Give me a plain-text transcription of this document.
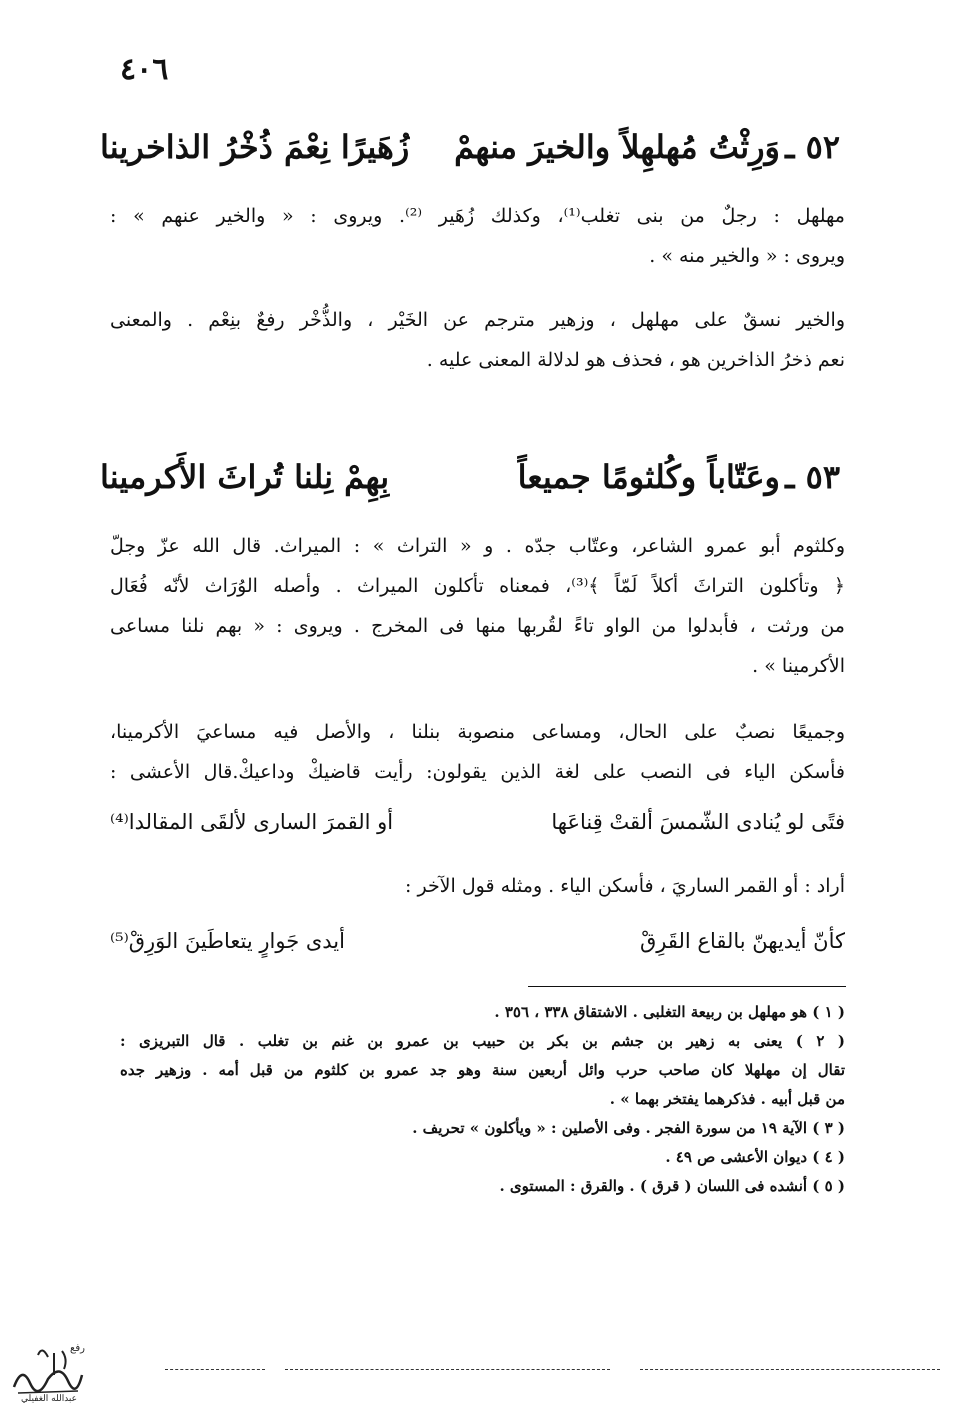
٤٠٦
٥٢ ـ
وَرِثْتُ مُهلهِلاً والخيرَ منهمْ
زُهَيرًا نِعْمَ ذُخْرُ الذاخرينا
مهلهل : رجلٌ من بنى تغلب⁽¹⁾، وكذلك زُهَير ⁽²⁾. ويروى : « والخير عنهم » :
ويروى : « والخير منه » .
والخير نسقٌ على مهلهل ، وزهير مترجم عن الخَيْر ، والذُّخْر رفعٌ بنِعْم . والمعنى
نعم ذخرُ الذاخرين هو ، فحذف هو لدلالة المعنى عليه .
٥٣ ـ
وعَتّاباً وكُلثومًا جميعاً
بِهِمْ نِلنا تُراثَ الأَكرمينا
وكلثوم أبو عمرو الشاعر، وعتّاب جدّه . و « التراث » : الميراث. قال الله عزّ وجلّ
﴿ وتأكلون التراثَ أكلاً لَمّاً ﴾⁽³⁾، فمعناه تأكلون الميراث . وأصله الوُرَاث لأنّه فُعَال
من ورثت ، فأبدلوا من الواو تاءً لقُربها منها فى المخرج . ويروى : « بهم نلنا مساعى
الأكرمينا » .
وجميعًا نصبٌ على الحال، ومساعى منصوبة بنلنا ، والأصل فيه مساعيَ الأكرمينا،
فأسكن الياء فى النصب على لغة الذين يقولون: رأيت قاضيكْ وداعيكْ.قال الأعشى :
فتًى لو يُنادى الشّمسَ ألقتْ قِناعَها
أو القمرَ السارى لألقَى المقالدا⁽⁴⁾
أراد : أو القمر الساريَ ، فأسكن الياء . ومثله قول الآخر :
كأنّ أيديهنّ بالقاع القَرِقْ
أيدى جَوارٍ يتعاطَينَ الوَرِقْ⁽⁵⁾
( ١ ) هو مهلهل بن ربيعة التغلبى . الاشتقاق ٣٣٨ ، ٣٥٦ .
( ٢ ) يعنى به زهير بن جشم بن بكر بن حبيب بن عمرو بن غنم بن تغلب . قال التبريزى :
تقال إن مهلهلا كان صاحب حرب وائل أربعين سنة وهو جد عمرو بن كلثوم من قبل أمه . وزهير جده
من قبل أبيه . فذكرهما يفتخر بهما » .
( ٣ ) الآية ١٩ من سورة الفجر . وفى الأصلين : « ويأكلون » تحريف .
( ٤ ) ديوان الأعشى ص ٤٩ .
( ٥ ) أنشده فى اللسان ( قرق ) . والقرق : المستوى .
رفع
عبدالله الغفيلي
